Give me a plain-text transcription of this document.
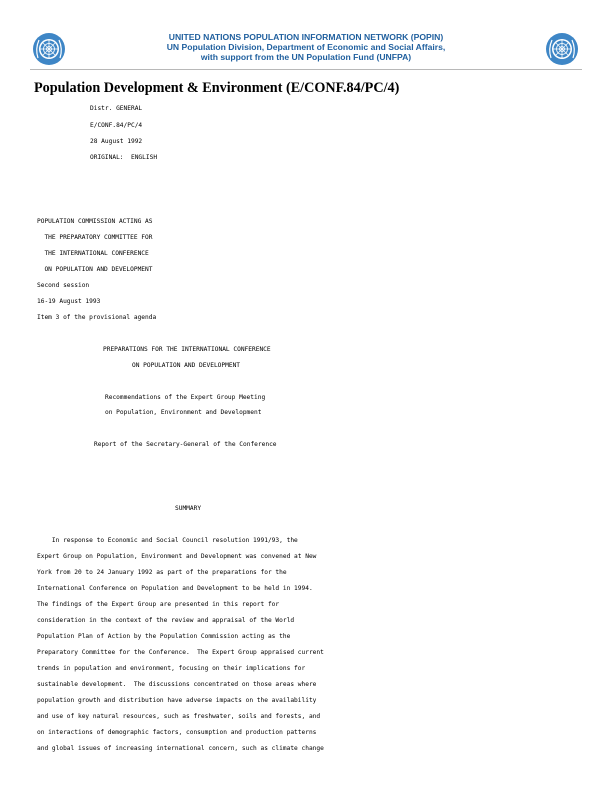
UNITED NATIONS POPULATION INFORMATION NETWORK (POPIN)
UN Population Division, Department of Economic and Social Affairs,
with support from the UN Population Fund (UNFPA)
Population Development & Environment (E/CONF.84/PC/4)
Distr. GENERAL
E/CONF.84/PC/4
28 August 1992
ORIGINAL:  ENGLISH
POPULATION COMMISSION ACTING AS
THE PREPARATORY COMMITTEE FOR
THE INTERNATIONAL CONFERENCE
ON POPULATION AND DEVELOPMENT
Second session
16-19 August 1993
Item 3 of the provisional agenda
PREPARATIONS FOR THE INTERNATIONAL CONFERENCE
ON POPULATION AND DEVELOPMENT
Recommendations of the Expert Group Meeting
on Population, Environment and Development
Report of the Secretary-General of the Conference
SUMMARY
In response to Economic and Social Council resolution 1991/93, the
Expert Group on Population, Environment and Development was convened at New
York from 20 to 24 January 1992 as part of the preparations for the
International Conference on Population and Development to be held in 1994.
The findings of the Expert Group are presented in this report for
consideration in the context of the review and appraisal of the World
Population Plan of Action by the Population Commission acting as the
Preparatory Committee for the Conference.  The Expert Group appraised current
trends in population and environment, focusing on their implications for
sustainable development.  The discussions concentrated on those areas where
population growth and distribution have adverse impacts on the availability
and use of key natural resources, such as freshwater, soils and forests, and
on interactions of demographic factors, consumption and production patterns
and global issues of increasing international concern, such as climate change
